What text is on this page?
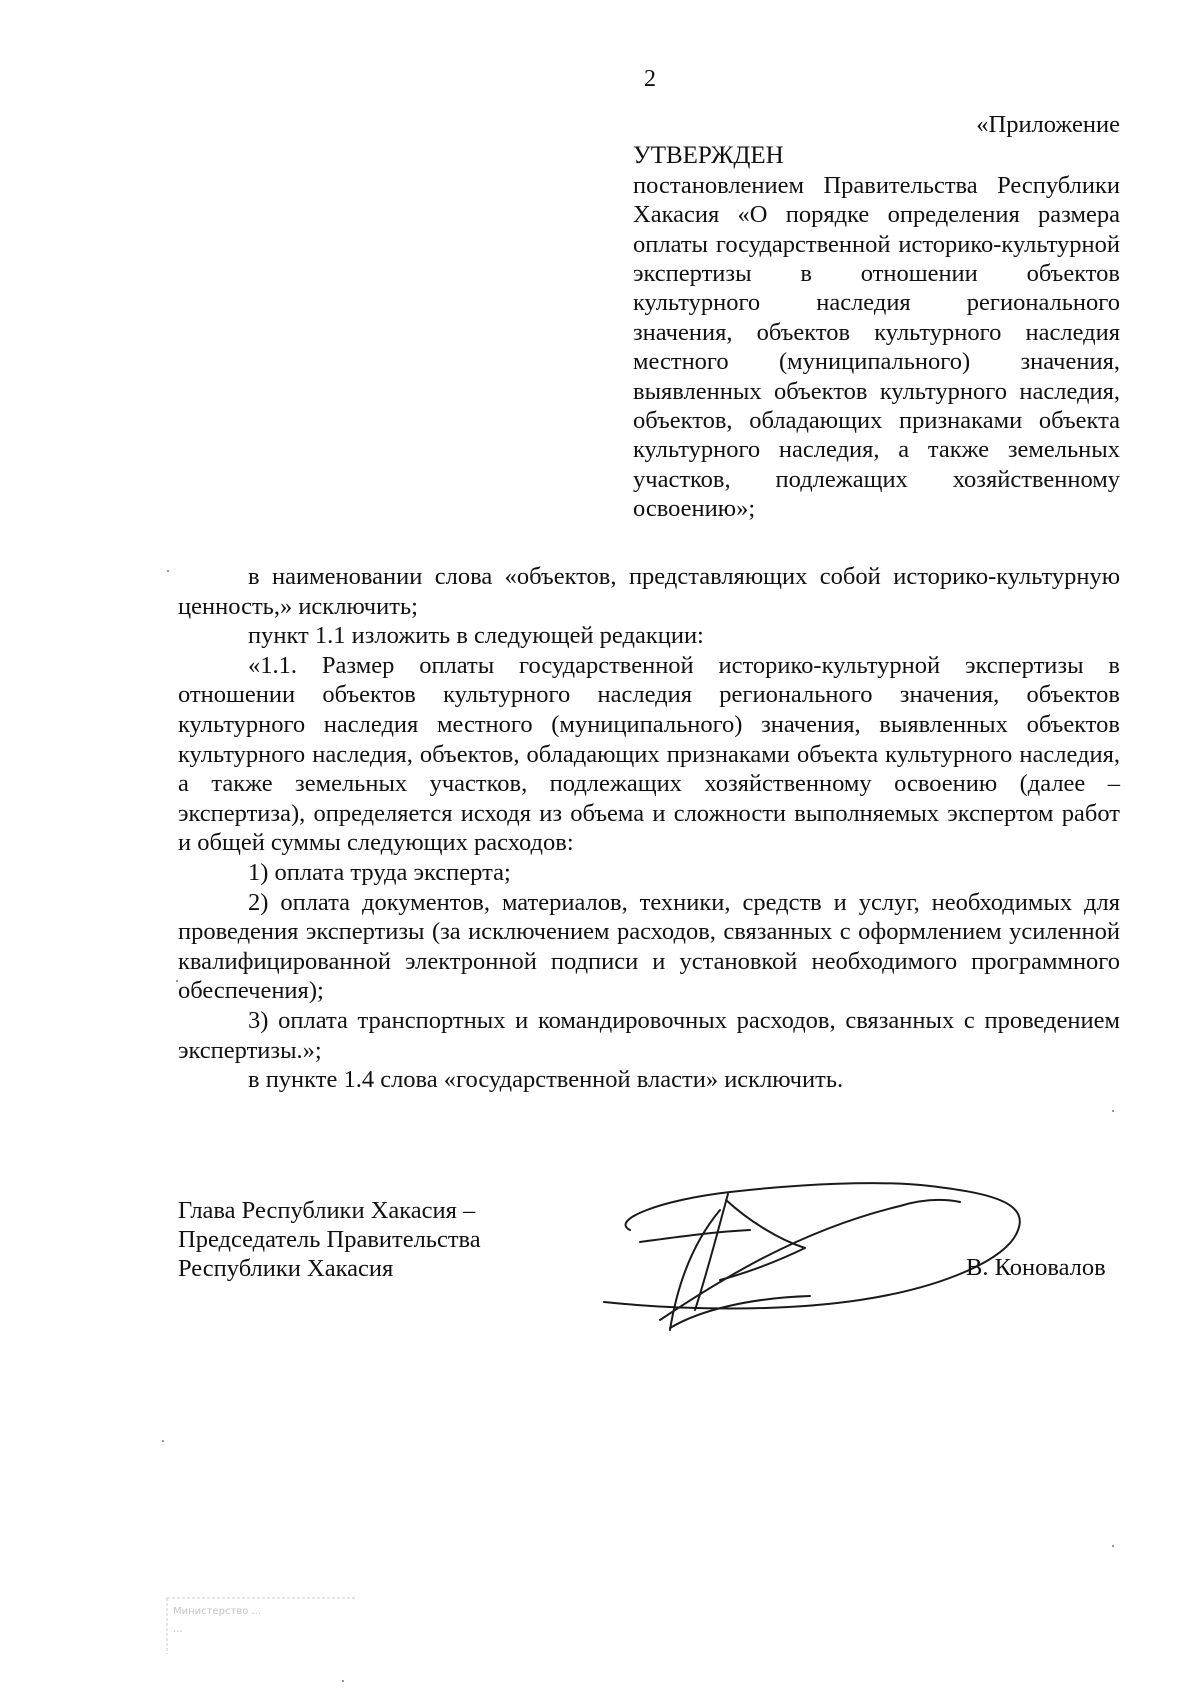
2
«Приложение
УТВЕРЖДЕН
постановлением Правительства Республики Хакасия «О порядке определения размера оплаты государственной историко-культурной экспертизы в отношении объектов культурного наследия регионального значения, объектов культурного наследия местного (муниципального) значения, выявленных объектов культурного наследия, объектов, обладающих признаками объекта культурного наследия, а также земельных участков, подлежащих хозяйственному освоению»;

в наименовании слова «объектов, представляющих собой историко-культурную ценность,» исключить;

пункт 1.1 изложить в следующей редакции:

«1.1. Размер оплаты государственной историко-культурной экспертизы в отношении объектов культурного наследия регионального значения, объектов культурного наследия местного (муниципального) значения, выявленных объектов культурного наследия, объектов, обладающих признаками объекта культурного наследия, а также земельных участков, подлежащих хозяйственному освоению (далее – экспертиза), определяется исходя из объема и сложности выполняемых экспертом работ и общей суммы следующих расходов:

1) оплата труда эксперта;

2) оплата документов, материалов, техники, средств и услуг, необходимых для проведения экспертизы (за исключением расходов, связанных с оформлением усиленной квалифицированной электронной подписи и установкой необходимого программного обеспечения);

3) оплата транспортных и командировочных расходов, связанных с проведением экспертизы.»;

в пункте 1.4 слова «государственной власти» исключить.

Глава Республики Хакасия –
Председатель Правительства
Республики Хакасия	В. Коновалов
Министерство ...
...
